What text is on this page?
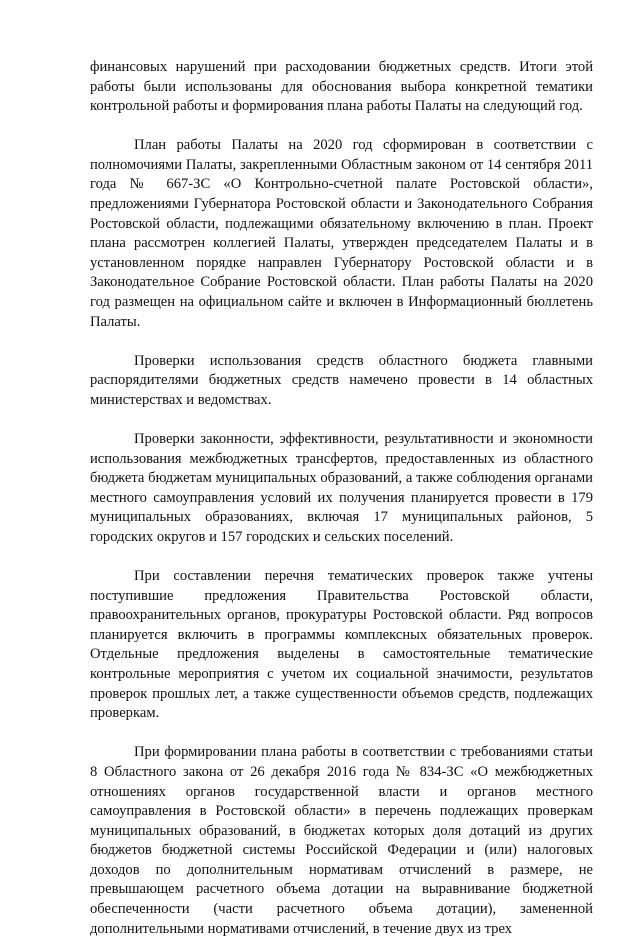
финансовых нарушений при расходовании бюджетных средств. Итоги этой работы были использованы для обоснования выбора конкретной тематики контрольной работы и формирования плана работы Палаты на следующий год.

План работы Палаты на 2020 год сформирован в соответствии с полномочиями Палаты, закрепленными Областным законом от 14 сентября 2011 года № 667-ЗС «О Контрольно-счетной палате Ростовской области», предложениями Губернатора Ростовской области и Законодательного Собрания Ростовской области, подлежащими обязательному включению в план. Проект плана рассмотрен коллегией Палаты, утвержден председателем Палаты и в установленном порядке направлен Губернатору Ростовской области и в Законодательное Собрание Ростовской области. План работы Палаты на 2020 год размещен на официальном сайте и включен в Информационный бюллетень Палаты.

Проверки использования средств областного бюджета главными распорядителями бюджетных средств намечено провести в 14 областных министерствах и ведомствах.

Проверки законности, эффективности, результативности и экономности использования межбюджетных трансфертов, предоставленных из областного бюджета бюджетам муниципальных образований, а также соблюдения органами местного самоуправления условий их получения планируется провести в 179 муниципальных образованиях, включая 17 муниципальных районов, 5 городских округов и 157 городских и сельских поселений.

При составлении перечня тематических проверок также учтены поступившие предложения Правительства Ростовской области, правоохранительных органов, прокуратуры Ростовской области. Ряд вопросов планируется включить в программы комплексных обязательных проверок. Отдельные предложения выделены в самостоятельные тематические контрольные мероприятия с учетом их социальной значимости, результатов проверок прошлых лет, а также существенности объемов средств, подлежащих проверкам.

При формировании плана работы в соответствии с требованиями статьи 8 Областного закона от 26 декабря 2016 года № 834-ЗС «О межбюджетных отношениях органов государственной власти и органов местного самоуправления в Ростовской области» в перечень подлежащих проверкам муниципальных образований, в бюджетах которых доля дотаций из других бюджетов бюджетной системы Российской Федерации и (или) налоговых доходов по дополнительным нормативам отчислений в размере, не превышающем расчетного объема дотации на выравнивание бюджетной обеспеченности (части расчетного объема дотации), замененной дополнительными нормативами отчислений, в течение двух из трех
